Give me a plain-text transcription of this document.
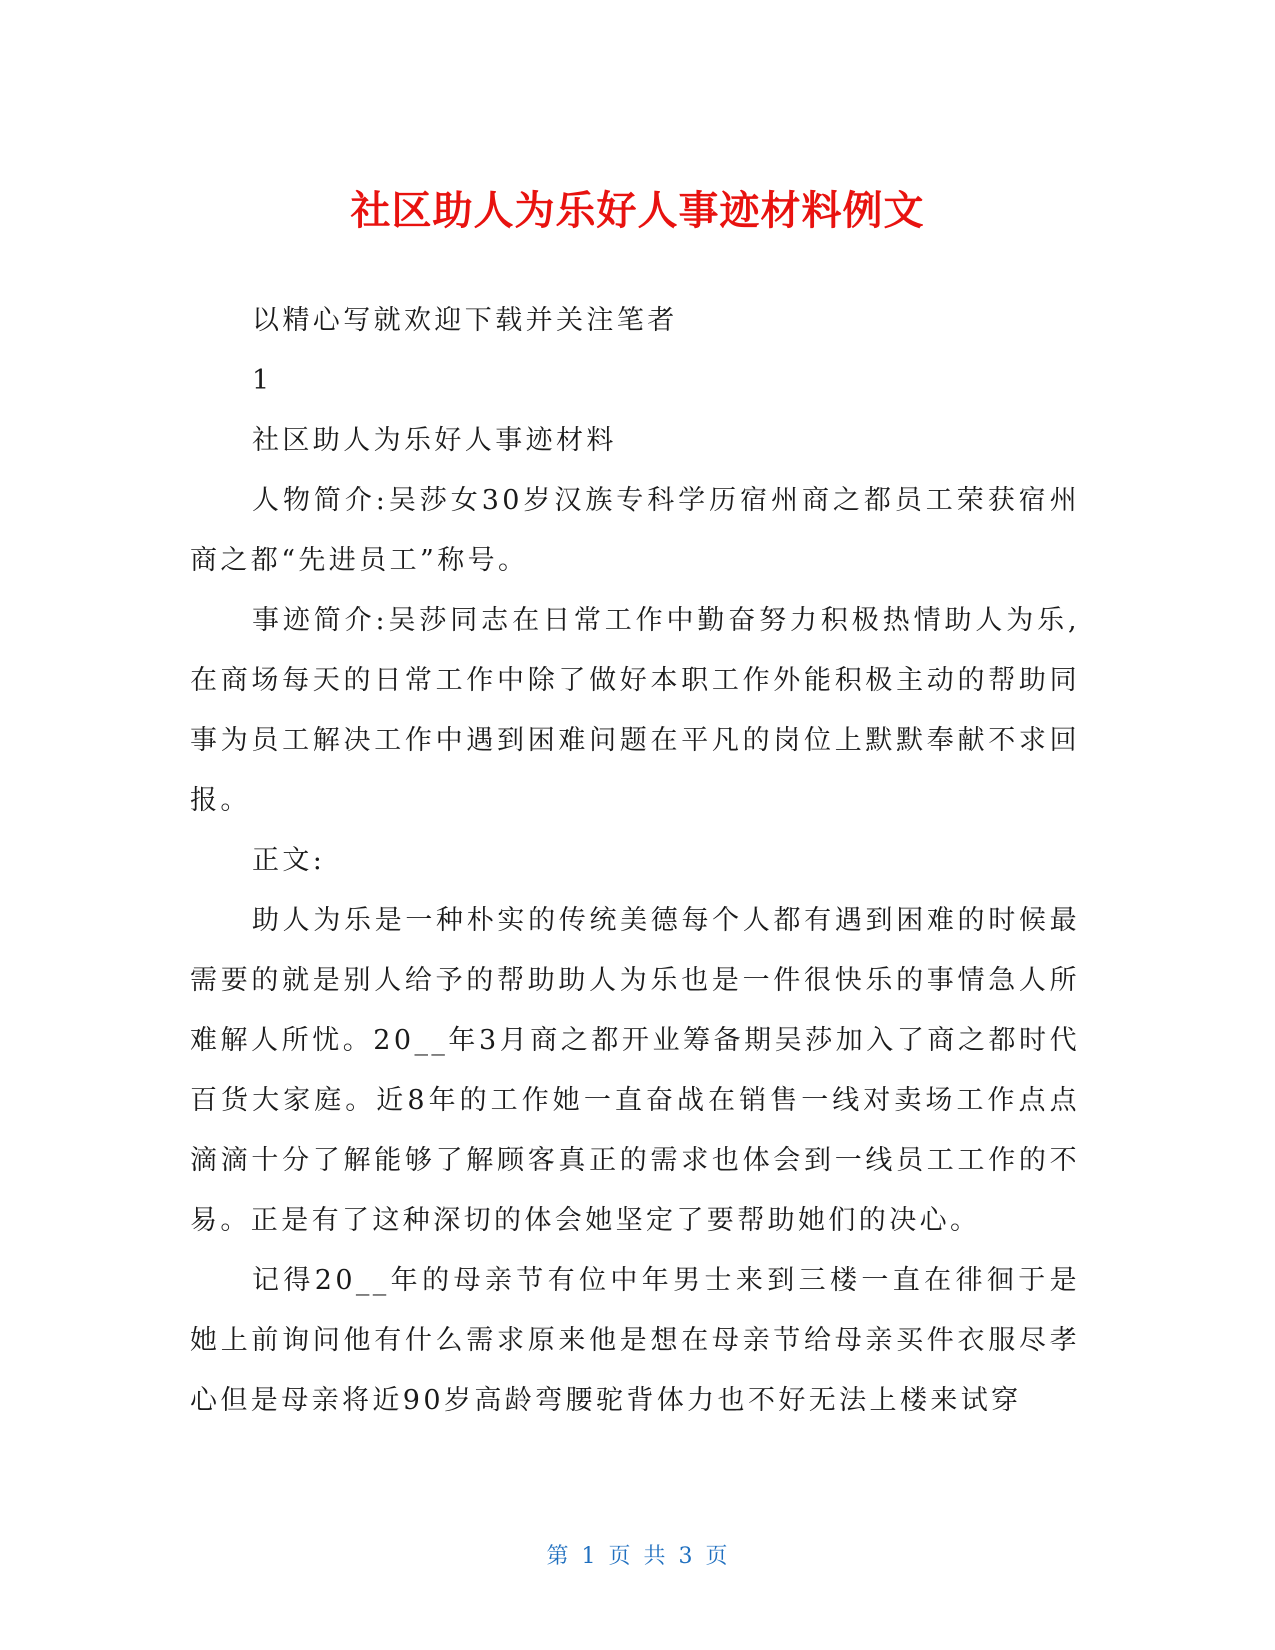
社区助人为乐好人事迹材料例文

以精心写就欢迎下载并关注笔者

1

社区助人为乐好人事迹材料

人物简介:吴莎女30岁汉族专科学历宿州商之都员工荣获宿州商之都“先进员工”称号。

事迹简介:吴莎同志在日常工作中勤奋努力积极热情助人为乐,在商场每天的日常工作中除了做好本职工作外能积极主动的帮助同事为员工解决工作中遇到困难问题在平凡的岗位上默默奉献不求回报。

正文:

助人为乐是一种朴实的传统美德每个人都有遇到困难的时候最需要的就是别人给予的帮助助人为乐也是一件很快乐的事情急人所难解人所忧。20__年3月商之都开业筹备期吴莎加入了商之都时代百货大家庭。近8年的工作她一直奋战在销售一线对卖场工作点点滴滴十分了解能够了解顾客真正的需求也体会到一线员工工作的不易。正是有了这种深切的体会她坚定了要帮助她们的决心。

记得20__年的母亲节有位中年男士来到三楼一直在徘徊于是她上前询问他有什么需求原来他是想在母亲节给母亲买件衣服尽孝心但是母亲将近90岁高龄弯腰驼背体力也不好无法上楼来试穿

第 1 页 共 3 页
